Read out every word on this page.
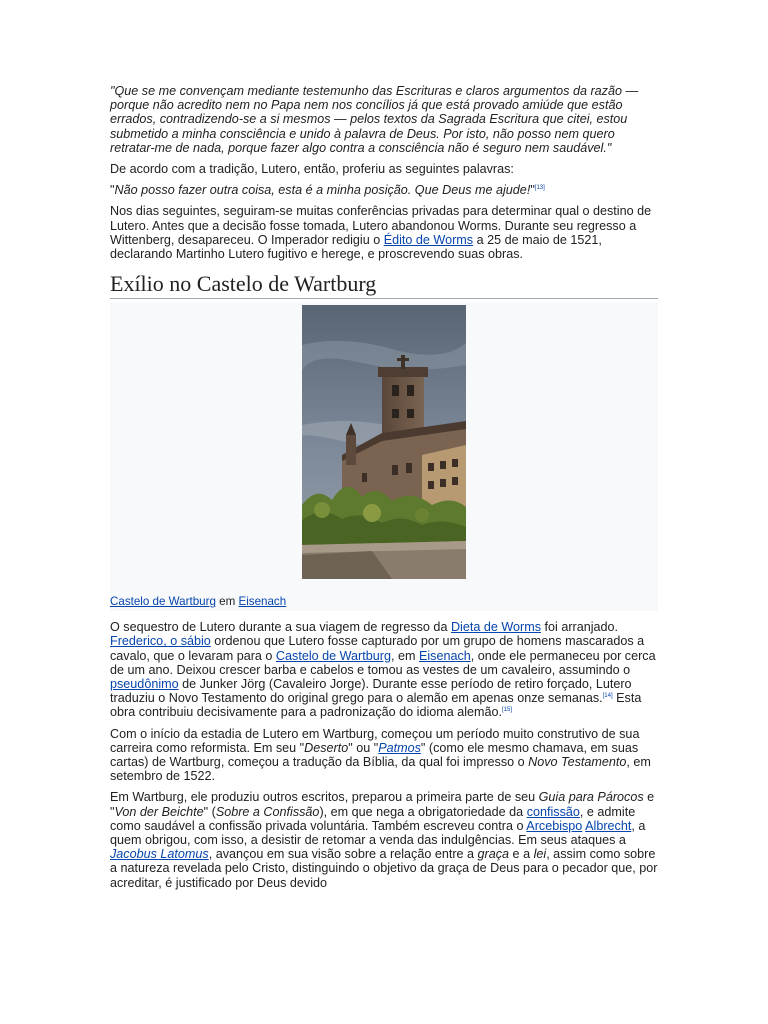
"Que se me convençam mediante testemunho das Escrituras e claros argumentos da razão — porque não acredito nem no Papa nem nos concílios já que está provado amiúde que estão errados, contradizendo-se a si mesmos — pelos textos da Sagrada Escritura que citei, estou submetido a minha consciência e unido à palavra de Deus. Por isto, não posso nem quero retratar-me de nada, porque fazer algo contra a consciência não é seguro nem saudável."

De acordo com a tradição, Lutero, então, proferiu as seguintes palavras:

"Não posso fazer outra coisa, esta é a minha posição. Que Deus me ajude!"[13]

Nos dias seguintes, seguiram-se muitas conferências privadas para determinar qual o destino de Lutero. Antes que a decisão fosse tomada, Lutero abandonou Worms. Durante seu regresso a Wittenberg, desapareceu. O Imperador redigiu o Édito de Worms a 25 de maio de 1521, declarando Martinho Lutero fugitivo e herege, e proscrevendo suas obras.

Exílio no Castelo de Wartburg
Castelo de Wartburg em Eisenach

O sequestro de Lutero durante a sua viagem de regresso da Dieta de Worms foi arranjado. Frederico, o sábio ordenou que Lutero fosse capturado por um grupo de homens mascarados a cavalo, que o levaram para o Castelo de Wartburg, em Eisenach, onde ele permaneceu por cerca de um ano. Deixou crescer barba e cabelos e tomou as vestes de um cavaleiro, assumindo o pseudônimo de Junker Jörg (Cavaleiro Jorge). Durante esse período de retiro forçado, Lutero traduziu o Novo Testamento do original grego para o alemão em apenas onze semanas.[14] Esta obra contribuiu decisivamente para a padronização do idioma alemão.[15]

Com o início da estadia de Lutero em Wartburg, começou um período muito construtivo de sua carreira como reformista. Em seu "Deserto" ou "Patmos" (como ele mesmo chamava, em suas cartas) de Wartburg, começou a tradução da Bíblia, da qual foi impresso o Novo Testamento, em setembro de 1522.

Em Wartburg, ele produziu outros escritos, preparou a primeira parte de seu Guia para Párocos e "Von der Beichte" (Sobre a Confissão), em que nega a obrigatoriedade da confissão, e admite como saudável a confissão privada voluntária. Também escreveu contra o Arcebispo Albrecht, a quem obrigou, com isso, a desistir de retomar a venda das indulgências. Em seus ataques a Jacobus Latomus, avançou em sua visão sobre a relação entre a graça e a lei, assim como sobre a natureza revelada pelo Cristo, distinguindo o objetivo da graça de Deus para o pecador que, por acreditar, é justificado por Deus devido
